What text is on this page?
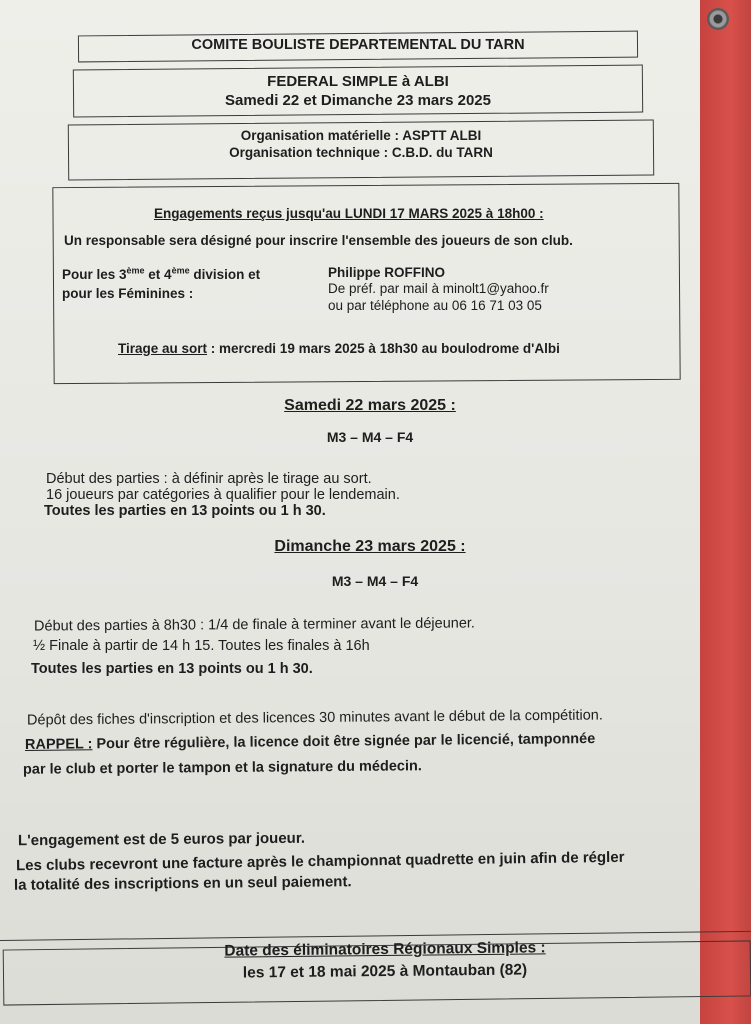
COMITE BOULISTE DEPARTEMENTAL DU TARN
FEDERAL SIMPLE à ALBI
Samedi 22 et Dimanche 23 mars 2025
Organisation matérielle : ASPTT ALBI
Organisation technique : C.B.D. du TARN
Engagements reçus jusqu'au LUNDI 17 MARS 2025 à 18h00 :
Un responsable sera désigné pour inscrire l'ensemble des joueurs de son club.
Pour les 3ème et 4ème division et
pour les Féminines :
Philippe ROFFINO
De préf. par mail à minolt1@yahoo.fr
ou par téléphone au 06 16 71 03 05
Tirage au sort : mercredi 19 mars 2025 à 18h30 au boulodrome d'Albi
Samedi 22 mars 2025 :
M3 – M4 – F4
Début des parties : à définir après le tirage au sort.
16 joueurs par catégories à qualifier pour le lendemain.
Toutes les parties en 13 points ou 1 h 30.
Dimanche 23 mars 2025 :
M3 – M4 – F4
Début des parties à 8h30 : 1/4 de finale à terminer avant le déjeuner.
½ Finale à partir de 14 h 15. Toutes les finales à 16h
Toutes les parties en 13 points ou 1 h 30.
Dépôt des fiches d'inscription et des licences 30 minutes avant le début de la compétition.
RAPPEL : Pour être régulière, la licence doit être signée par le licencié, tamponnée
par le club et porter le tampon et la signature du médecin.
L'engagement est de 5 euros par joueur.
Les clubs recevront une facture après le championnat quadrette en juin afin de régler
la totalité des inscriptions en un seul paiement.
Date des éliminatoires Régionaux Simples :
les 17 et 18 mai 2025 à Montauban (82)
